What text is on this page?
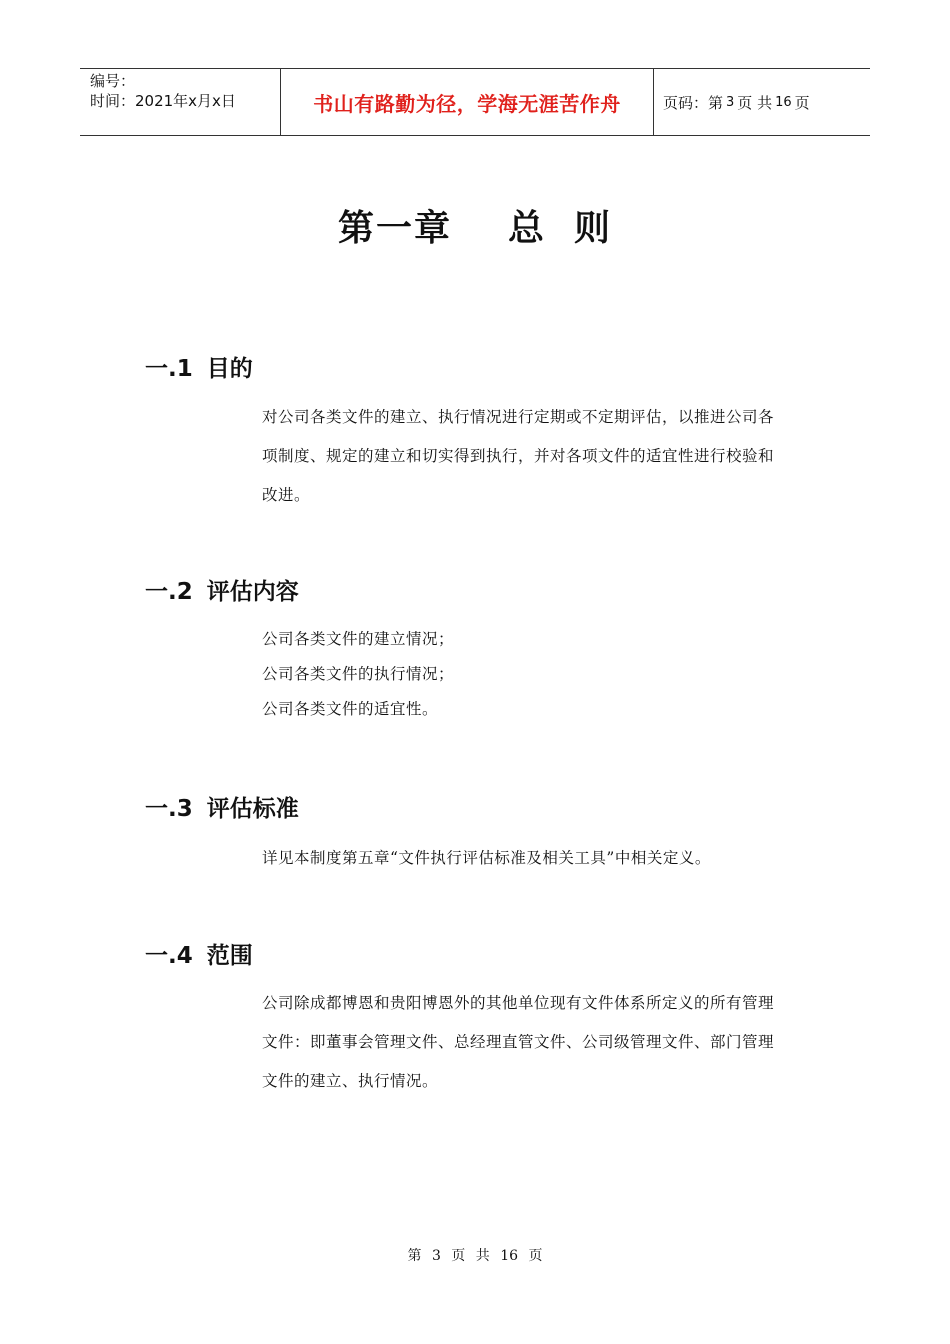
编号：
时间：2021年x月x日	书山有路勤为径，学海无涯苦作舟	页码：第 3 页 共 16 页
第一章 总 则
一.1 目的
对公司各类文件的建立、执行情况进行定期或不定期评估，以推进公司各
项制度、规定的建立和切实得到执行，并对各项文件的适宜性进行校验和
改进。
一.2 评估内容
公司各类文件的建立情况；
公司各类文件的执行情况；
公司各类文件的适宜性。
一.3 评估标准
详见本制度第五章“文件执行评估标准及相关工具”中相关定义。
一.4 范围
公司除成都博恩和贵阳博恩外的其他单位现有文件体系所定义的所有管理
文件：即董事会管理文件、总经理直管文件、公司级管理文件、部门管理
文件的建立、执行情况。
第 3 页 共 16 页
